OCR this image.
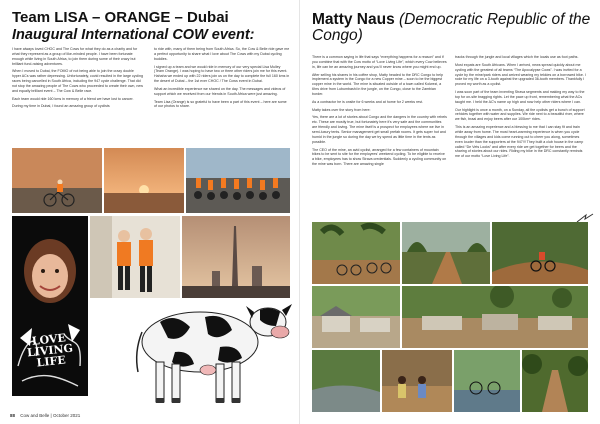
Team LISA – ORANGE – Dubai
Inaugural International COW event:

I have always loved CHOC and The Cows for what they do as a charity and for what they represent as a group of like-minded people. I have been fortunate enough while living in South Africa, to join them during some of their crazy but brilliant fund-raising adventures.

When I moved to Dubai, the FOMO of not being able to join the crazy double hyper ACs was rather depressing. Unfortunately, covid resulted in the large cycling races being cancelled in South Africa, including the 947 cycle challenge. That did not stop the amazing people of The Cows who proceeded to create their own, new and equally brilliant event – The Cow & Belle race.

Each team would ride 160 kms in memory of a friend we have lost to cancer.

During my time in Dubai, I found an amazing group of cyclists

to ride with, many of them being from South Africa. So, the Cow & Belle ride gave me a perfect opportunity to share what I love about The Cows with my Dubai cycling buddies.

I signed up a team and we would ride in memory of our very special Lisa Mulley (Team Orange). I was hoping to have two or three other riders join me for this event. Hahaha we ended up with 22 riders join us on the day to complete the full 160 kms in the desert of Dubai – the 1st ever CHOC / The Cows event in Dubai.

What an incredible experience we shared on the day. The messages and videos of support which we received from our friends in South Africa were just amazing.

Team Lisa (Orange) is so grateful to have been a part of this event – here are some of our photos to share.

LOVE LIVING LIFE
88 Cow and Belle | October 2021
Matty Naus (Democratic Republic of the Congo)

There is a common saying in life that says “everything happens for a reason” and if you combine that with the Cow motto of “Love Living Life”, which every Cow believes in, life can be an amazing journey and you’ll never know where you might end up.

After selling his shares in his coffee shop, Matty headed to the DRC Congo to help implement a system in the Congo for a new Copper mine – soon to be the biggest copper mine in the world. The mine is situated outside of a town called Kolwezi, a 6hrs drive from Lubumbashi in the jungle, on the Congo, close to the Zambian border.

As a contractor he is onsite for 6 weeks and at home for 2 weeks rest.

Matty takes over the story from here:

Yes, there are a lot of stories about Congo and the dangers in the country with rebels etc. These are mostly true, but fortunately here it's very safe and the communities are friendly and loving. The mine itself is a prospect for employees where we live in semi-luxury tents. Senior management get small prefab rooms. It gets super hot and humid in the jungle so during the day we try spend as little time in the tents as possible.

The CEO of the mine, an avid cyclist, arranged for a few containers of mountain bikes to be sent to site for the employees' weekend cycling. To be eligible to receive a bike, employees has to show Strava credentials. Suddenly a cycling community on the mine was born. There are amazing single

tracks through the jungle and local villages which the locals use as foot paths.

Most expats are South Africans. When I arrived, news spread quickly about me cycling with the greatest of all teams “The Apocalypse Cows”. I was invited for a cycle by the mine/park riders and arrived wearing my tekkies on a borrowed bike. I rode for my life on a 3-tooth against the upgraded 36-tooth members. Thankfully I proved my worth as a cyclist.

I was soon part of the team inventing Strava segments and making my way to the top for on-site bragging rights. Let the pace up front, remembering what the ACs taught me. I held the AC's name up high and now help other riders where I can.

Our highlight is once a month, on a Sunday, all the cyclists get a bunch of support vehicles together with water and supplies. We ride next to a beautiful river, where we fish, braai and enjoy beers after our 100km+ rides.

This is an amazing experience and a blessing to me that I can stay fit and train while away from home. The most heart-warming experience is when you cycle through the villages and kids come running out to cheer you along, sometimes even louder than the supporters at the 947!!! They built a club house in the camp called “De Vets Looks” and after every ride we get together for beers and the sharing of stories about our rides. Riding my bike in the DRC constantly reminds me of our motto “Love Living Life”.
